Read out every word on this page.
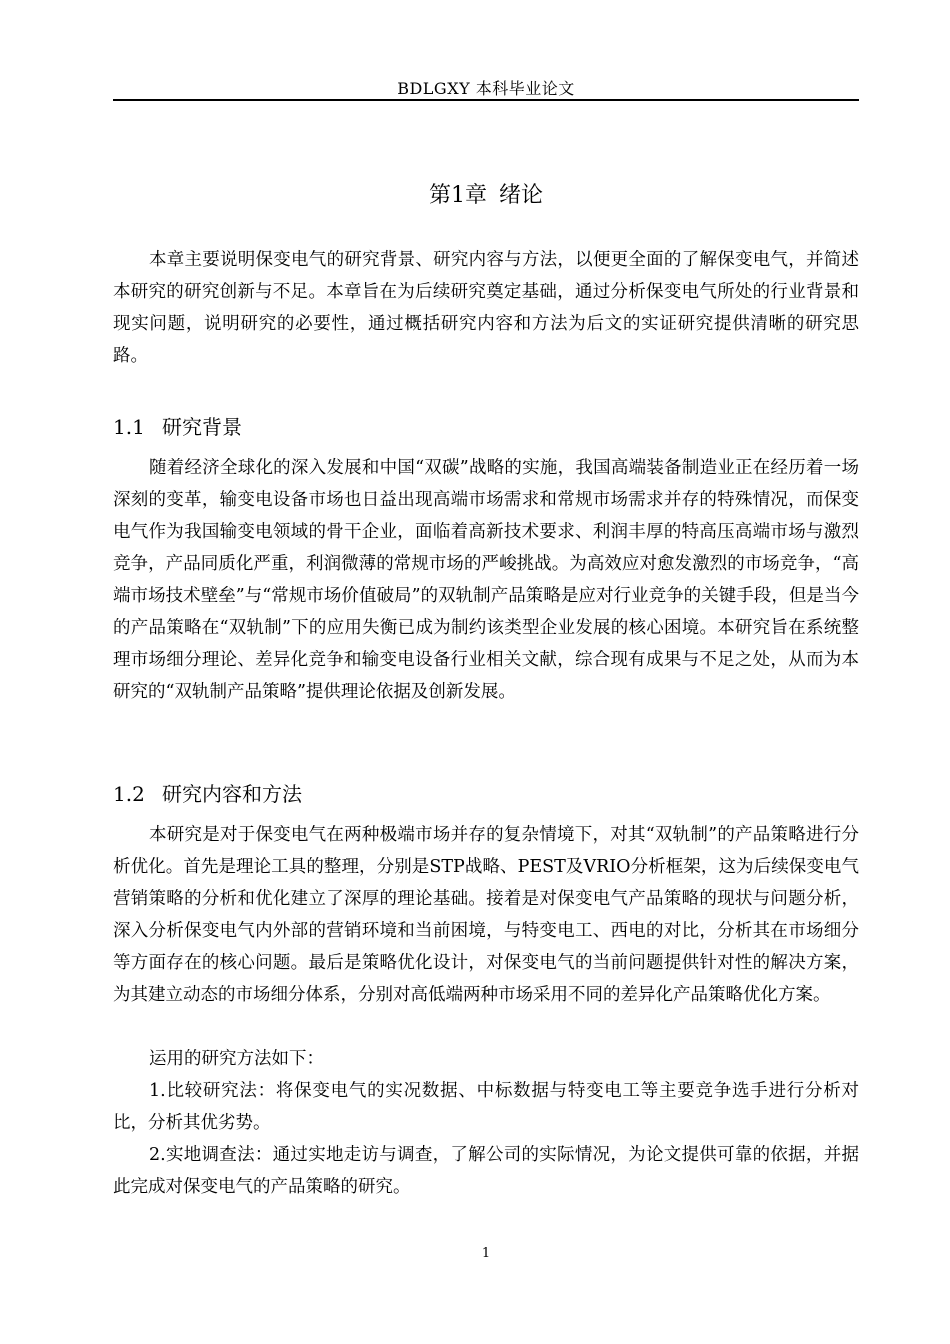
BDLGXY 本科毕业论文
第1章 绪论

本章主要说明保变电气的研究背景、研究内容与方法，以便更全面的了解保变电气，并简述本研究的研究创新与不足。本章旨在为后续研究奠定基础，通过分析保变电气所处的行业背景和现实问题，说明研究的必要性，通过概括研究内容和方法为后文的实证研究提供清晰的研究思路。

1.1 研究背景

随着经济全球化的深入发展和中国“双碳”战略的实施，我国高端装备制造业正在经历着一场深刻的变革，输变电设备市场也日益出现高端市场需求和常规市场需求并存的特殊情况，而保变电气作为我国输变电领域的骨干企业，面临着高新技术要求、利润丰厚的特高压高端市场与激烈竞争，产品同质化严重，利润微薄的常规市场的严峻挑战。为高效应对愈发激烈的市场竞争，“高端市场技术壁垒”与“常规市场价值破局”的双轨制产品策略是应对行业竞争的关键手段，但是当今的产品策略在“双轨制”下的应用失衡已成为制约该类型企业发展的核心困境。本研究旨在系统整理市场细分理论、差异化竞争和输变电设备行业相关文献，综合现有成果与不足之处，从而为本研究的“双轨制产品策略”提供理论依据及创新发展。

1.2 研究内容和方法

本研究是对于保变电气在两种极端市场并存的复杂情境下，对其“双轨制”的产品策略进行分析优化。首先是理论工具的整理，分别是STP战略、PEST及VRIO分析框架，这为后续保变电气营销策略的分析和优化建立了深厚的理论基础。接着是对保变电气产品策略的现状与问题分析，深入分析保变电气内外部的营销环境和当前困境，与特变电工、西电的对比，分析其在市场细分等方面存在的核心问题。最后是策略优化设计，对保变电气的当前问题提供针对性的解决方案，为其建立动态的市场细分体系，分别对高低端两种市场采用不同的差异化产品策略优化方案。

运用的研究方法如下：

1.比较研究法：将保变电气的实况数据、中标数据与特变电工等主要竞争选手进行分析对比，分析其优劣势。

2.实地调查法：通过实地走访与调查，了解公司的实际情况，为论文提供可靠的依据，并据此完成对保变电气的产品策略的研究。

1
